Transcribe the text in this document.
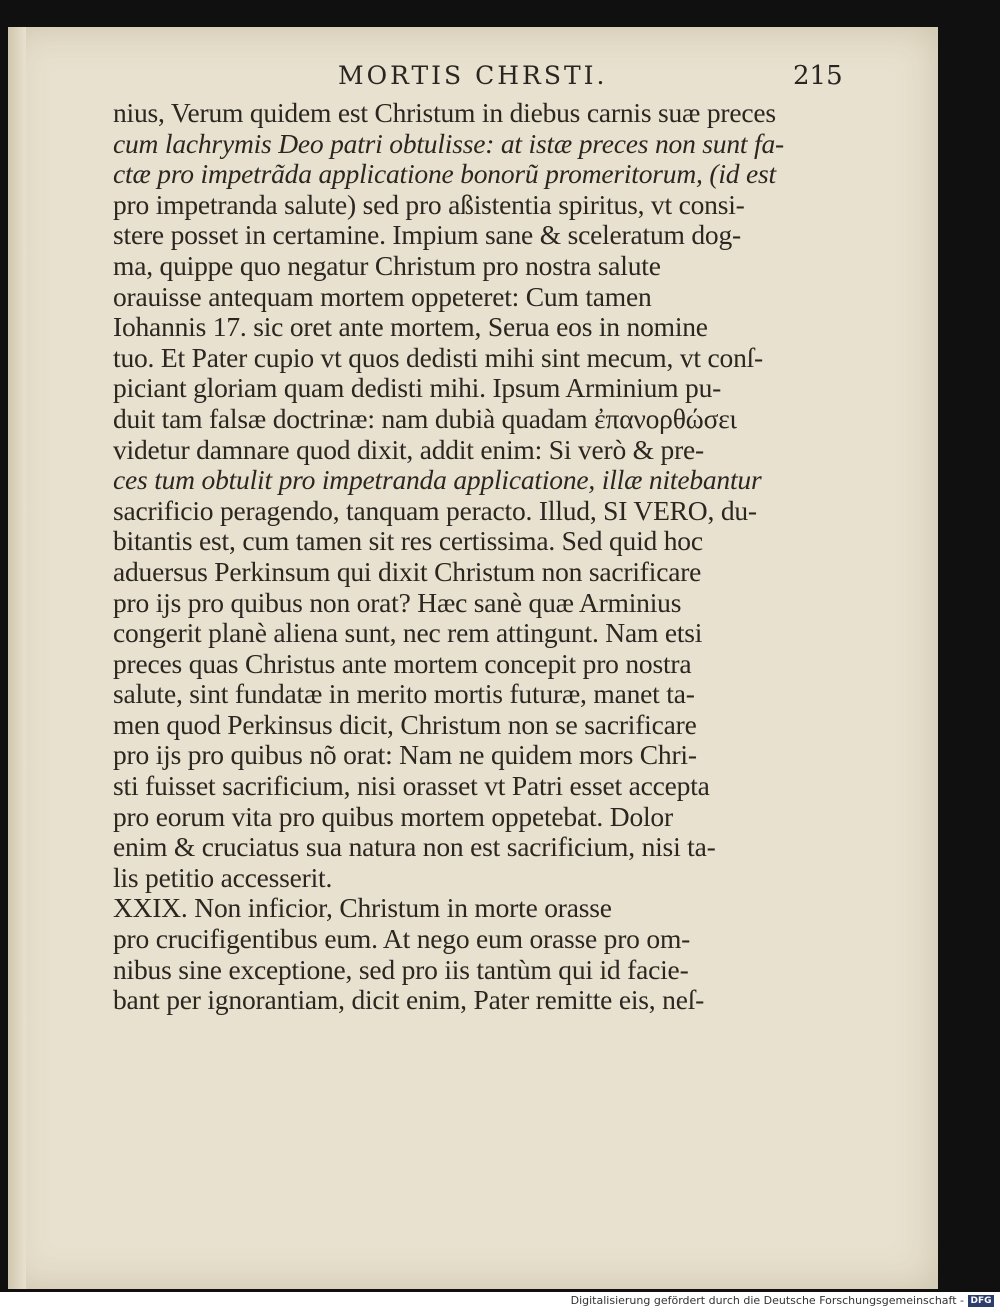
MORTIS CHRSTI.	215
nius, Verum quidem est Christum in diebus carnis suæ preces
cum lachrymis Deo patri obtulisse: at istæ preces non sunt fa-
ctæ pro impetrãda applicatione bonorũ promeritorum, (id est
pro impetranda salute) sed pro aßistentia spiritus, vt consi-
stere posset in certamine. Impium sane & sceleratum dog-
ma, quippe quo negatur Christum pro nostra salute
orauisse antequam mortem oppeteret: Cum tamen
Iohannis 17. sic oret ante mortem, Serua eos in nomine
tuo. Et Pater cupio vt quos dedisti mihi sint mecum, vt conſ-
piciant gloriam quam dedisti mihi. Ipsum Arminium pu-
duit tam falsæ doctrinæ: nam dubià quadam ἐπανορθώσει
videtur damnare quod dixit, addit enim: Si verò & pre-
ces tum obtulit pro impetranda applicatione, illæ nitebantur
sacrificio peragendo, tanquam peracto. Illud, SI VERO, du-
bitantis est, cum tamen sit res certissima. Sed quid hoc
aduersus Perkinsum qui dixit Christum non sacrificare
pro ijs pro quibus non orat? Hæc sanè quæ Arminius
congerit planè aliena sunt, nec rem attingunt. Nam etsi
preces quas Christus ante mortem concepit pro nostra
salute, sint fundatæ in merito mortis futuræ, manet ta-
men quod Perkinsus dicit, Christum non se sacrificare
pro ijs pro quibus nõ orat: Nam ne quidem mors Chri-
sti fuisset sacrificium, nisi orasset vt Patri esset accepta
pro eorum vita pro quibus mortem oppetebat. Dolor
enim & cruciatus sua natura non est sacrificium, nisi ta-
lis petitio accesserit.
XXIX. Non inficior, Christum in morte orasse
pro crucifigentibus eum. At nego eum orasse pro om-
nibus sine exceptione, sed pro iis tantùm qui id facie-
bant per ignorantiam, dicit enim, Pater remitte eis, neſ-
Digitalisierung gefördert durch die Deutsche Forschungsgemeinschaft - DFG
